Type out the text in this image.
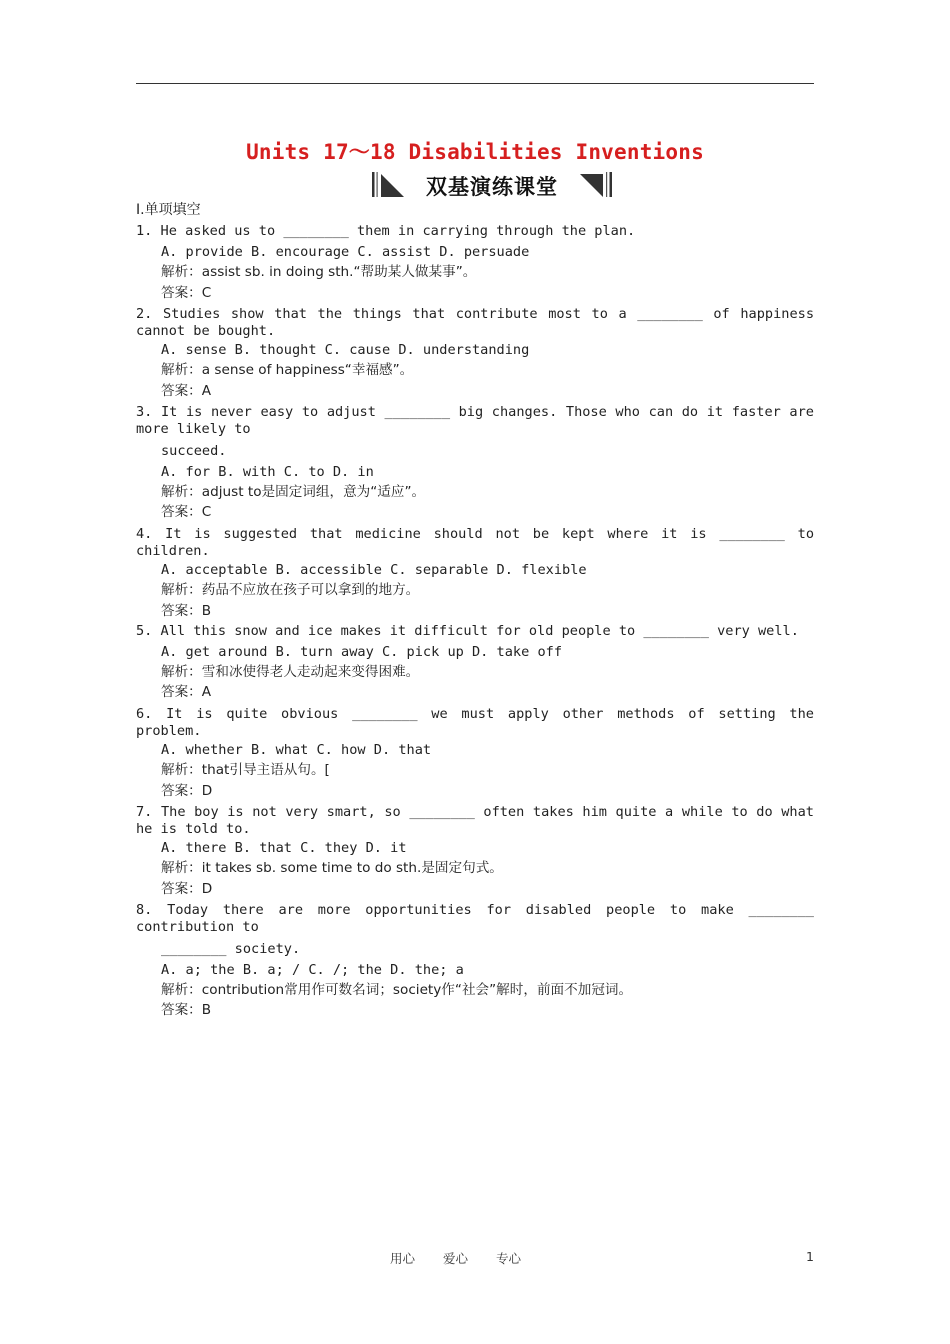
Units 17～18 Disabilities Inventions
双基演练课堂
Ⅰ.单项填空
1. He asked us to ________ them in carrying through the plan.
A. provide B. encourage C. assist D. persuade
解析：assist sb. in doing sth.“帮助某人做某事”。
答案：C
2. Studies show that the things that contribute most to a ________ of happiness cannot be bought.
A. sense B. thought C. cause D. understanding
解析：a sense of happiness“幸福感”。
答案：A
3. It is never easy to adjust ________ big changes. Those who can do it faster are more likely to
succeed.
A. for B. with C. to D. in
解析：adjust to是固定词组，意为“适应”。
答案：C
4. It is suggested that medicine should not be kept where it is ________ to children.
A. acceptable B. accessible C. separable D. flexible
解析：药品不应放在孩子可以拿到的地方。
答案：B
5. All this snow and ice makes it difficult for old people to ________ very well.
A. get around B. turn away C. pick up D. take off
解析：雪和冰使得老人走动起来变得困难。
答案：A
6. It is quite obvious ________ we must apply other methods of setting the problem.
A. whether B. what C. how D. that
解析：that引导主语从句。[
答案：D
7. The boy is not very smart, so ________ often takes him quite a while to do what he is told to.
A. there B. that C. they D. it
解析：it takes sb. some time to do sth.是固定句式。
答案：D
8. Today there are more opportunities for disabled people to make ________ contribution to
________ society.
A. a; the B. a; / C. /; the D. the; a
解析：contribution常用作可数名词；society作“社会”解时，前面不加冠词。
答案：B
用心 爱心 专心	1
